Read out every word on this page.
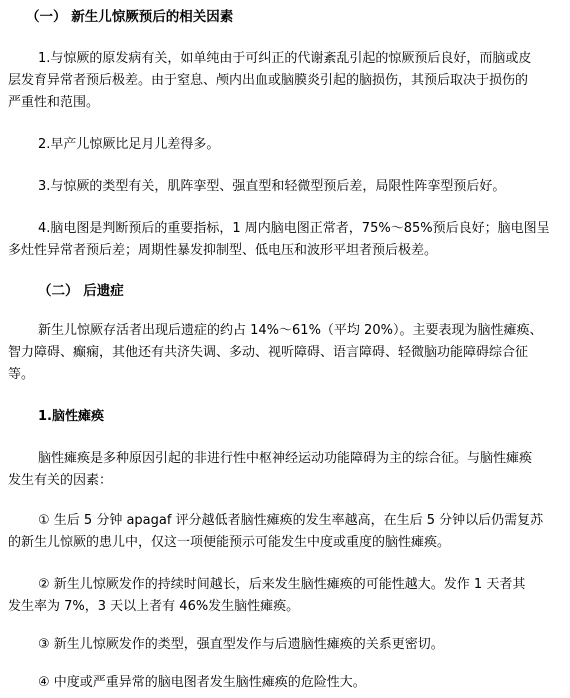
（一） 新生儿惊厥预后的相关因素
1.与惊厥的原发病有关，如单纯由于可纠正的代谢紊乱引起的惊厥预后良好，而脑或皮
层发育异常者预后极差。由于窒息、颅内出血或脑膜炎引起的脑损伤，其预后取决于损伤的
严重性和范围。
2.早产儿惊厥比足月儿差得多。
3.与惊厥的类型有关，肌阵挛型、强直型和轻微型预后差，局限性阵挛型预后好。
4.脑电图是判断预后的重要指标，1 周内脑电图正常者，75%～85%预后良好；脑电图呈
多灶性异常者预后差；周期性暴发抑制型、低电压和波形平坦者预后极差。
（二） 后遗症
新生儿惊厥存活者出现后遗症的约占 14%～61%（平均 20%）。主要表现为脑性瘫痪、
智力障碍、癫痫，其他还有共济失调、多动、视听障碍、语言障碍、轻微脑功能障碍综合征
等。
1.脑性瘫痪
脑性瘫痪是多种原因引起的非进行性中枢神经运动功能障碍为主的综合征。与脑性瘫痪
发生有关的因素：
① 生后 5 分钟 apagaf 评分越低者脑性瘫痪的发生率越高，在生后 5 分钟以后仍需复苏
的新生儿惊厥的患儿中，仅这一项便能预示可能发生中度或重度的脑性瘫痪。
② 新生儿惊厥发作的持续时间越长，后来发生脑性瘫痪的可能性越大。发作 1 天者其
发生率为 7%，3 天以上者有 46%发生脑性瘫痪。
③ 新生儿惊厥发作的类型，强直型发作与后遗脑性瘫痪的关系更密切。
④ 中度或严重异常的脑电图者发生脑性瘫痪的危险性大。
